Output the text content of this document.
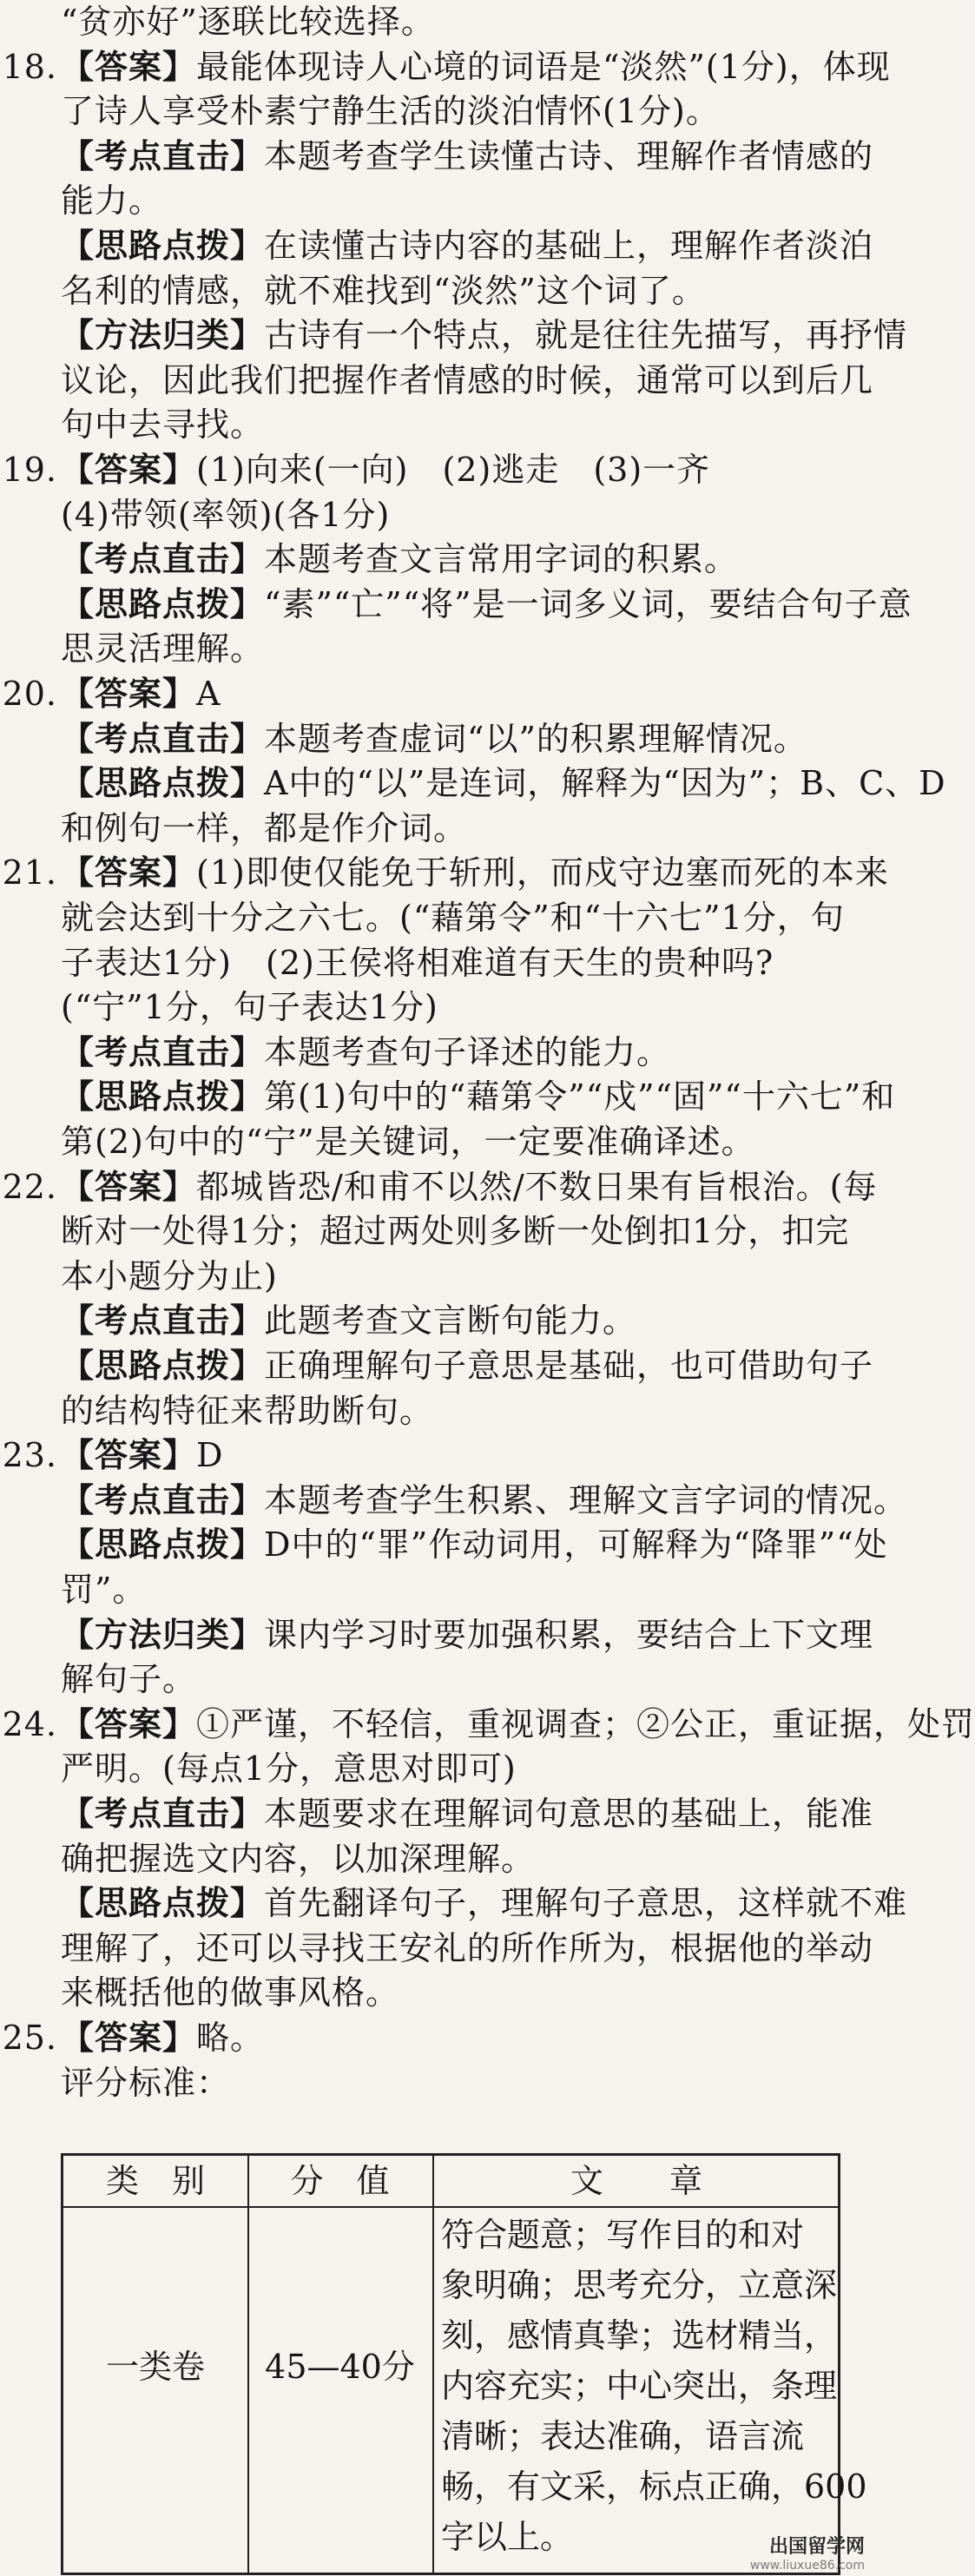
“贫亦好”逐联比较选择。
18. 【答案】最能体现诗人心境的词语是“淡然”(1分)，体现
了诗人享受朴素宁静生活的淡泊情怀(1分)。
【考点直击】本题考查学生读懂古诗、理解作者情感的
能力。
【思路点拨】在读懂古诗内容的基础上，理解作者淡泊
名利的情感，就不难找到“淡然”这个词了。
【方法归类】古诗有一个特点，就是往往先描写，再抒情
议论，因此我们把握作者情感的时候，通常可以到后几
句中去寻找。
19. 【答案】(1)向来(一向)　(2)逃走　(3)一齐
(4)带领(率领)(各1分)
【考点直击】本题考查文言常用字词的积累。
【思路点拨】“素”“亡”“将”是一词多义词，要结合句子意
思灵活理解。
20. 【答案】A
【考点直击】本题考查虚词“以”的积累理解情况。
【思路点拨】A中的“以”是连词，解释为“因为”；B、C、D
和例句一样，都是作介词。
21. 【答案】(1)即使仅能免于斩刑，而戍守边塞而死的本来
就会达到十分之六七。(“藉第令”和“十六七”1分，句
子表达1分)　(2)王侯将相难道有天生的贵种吗?
(“宁”1分，句子表达1分)
【考点直击】本题考查句子译述的能力。
【思路点拨】第(1)句中的“藉第令”“戍”“固”“十六七”和
第(2)句中的“宁”是关键词，一定要准确译述。
22. 【答案】都城皆恐/和甫不以然/不数日果有旨根治。(每
断对一处得1分；超过两处则多断一处倒扣1分，扣完
本小题分为止)
【考点直击】此题考查文言断句能力。
【思路点拨】正确理解句子意思是基础，也可借助句子
的结构特征来帮助断句。
23. 【答案】D
【考点直击】本题考查学生积累、理解文言字词的情况。
【思路点拨】D中的“罪”作动词用，可解释为“降罪”“处
罚”。
【方法归类】课内学习时要加强积累，要结合上下文理
解句子。
24. 【答案】①严谨，不轻信，重视调查；②公正，重证据，处罚
严明。(每点1分，意思对即可)
【考点直击】本题要求在理解词句意思的基础上，能准
确把握选文内容，以加深理解。
【思路点拨】首先翻译句子，理解句子意思，这样就不难
理解了，还可以寻找王安礼的所作所为，根据他的举动
来概括他的做事风格。
25. 【答案】略。
评分标准：
类　别	分　值	文　　章
一类卷	45—40分
符合题意；写作目的和对
象明确；思考充分，立意深
刻，感情真挚；选材精当，
内容充实；中心突出，条理
清晰；表达准确，语言流
畅，有文采，标点正确，600
字以上。	出国留学网
www.liuxue86.com
